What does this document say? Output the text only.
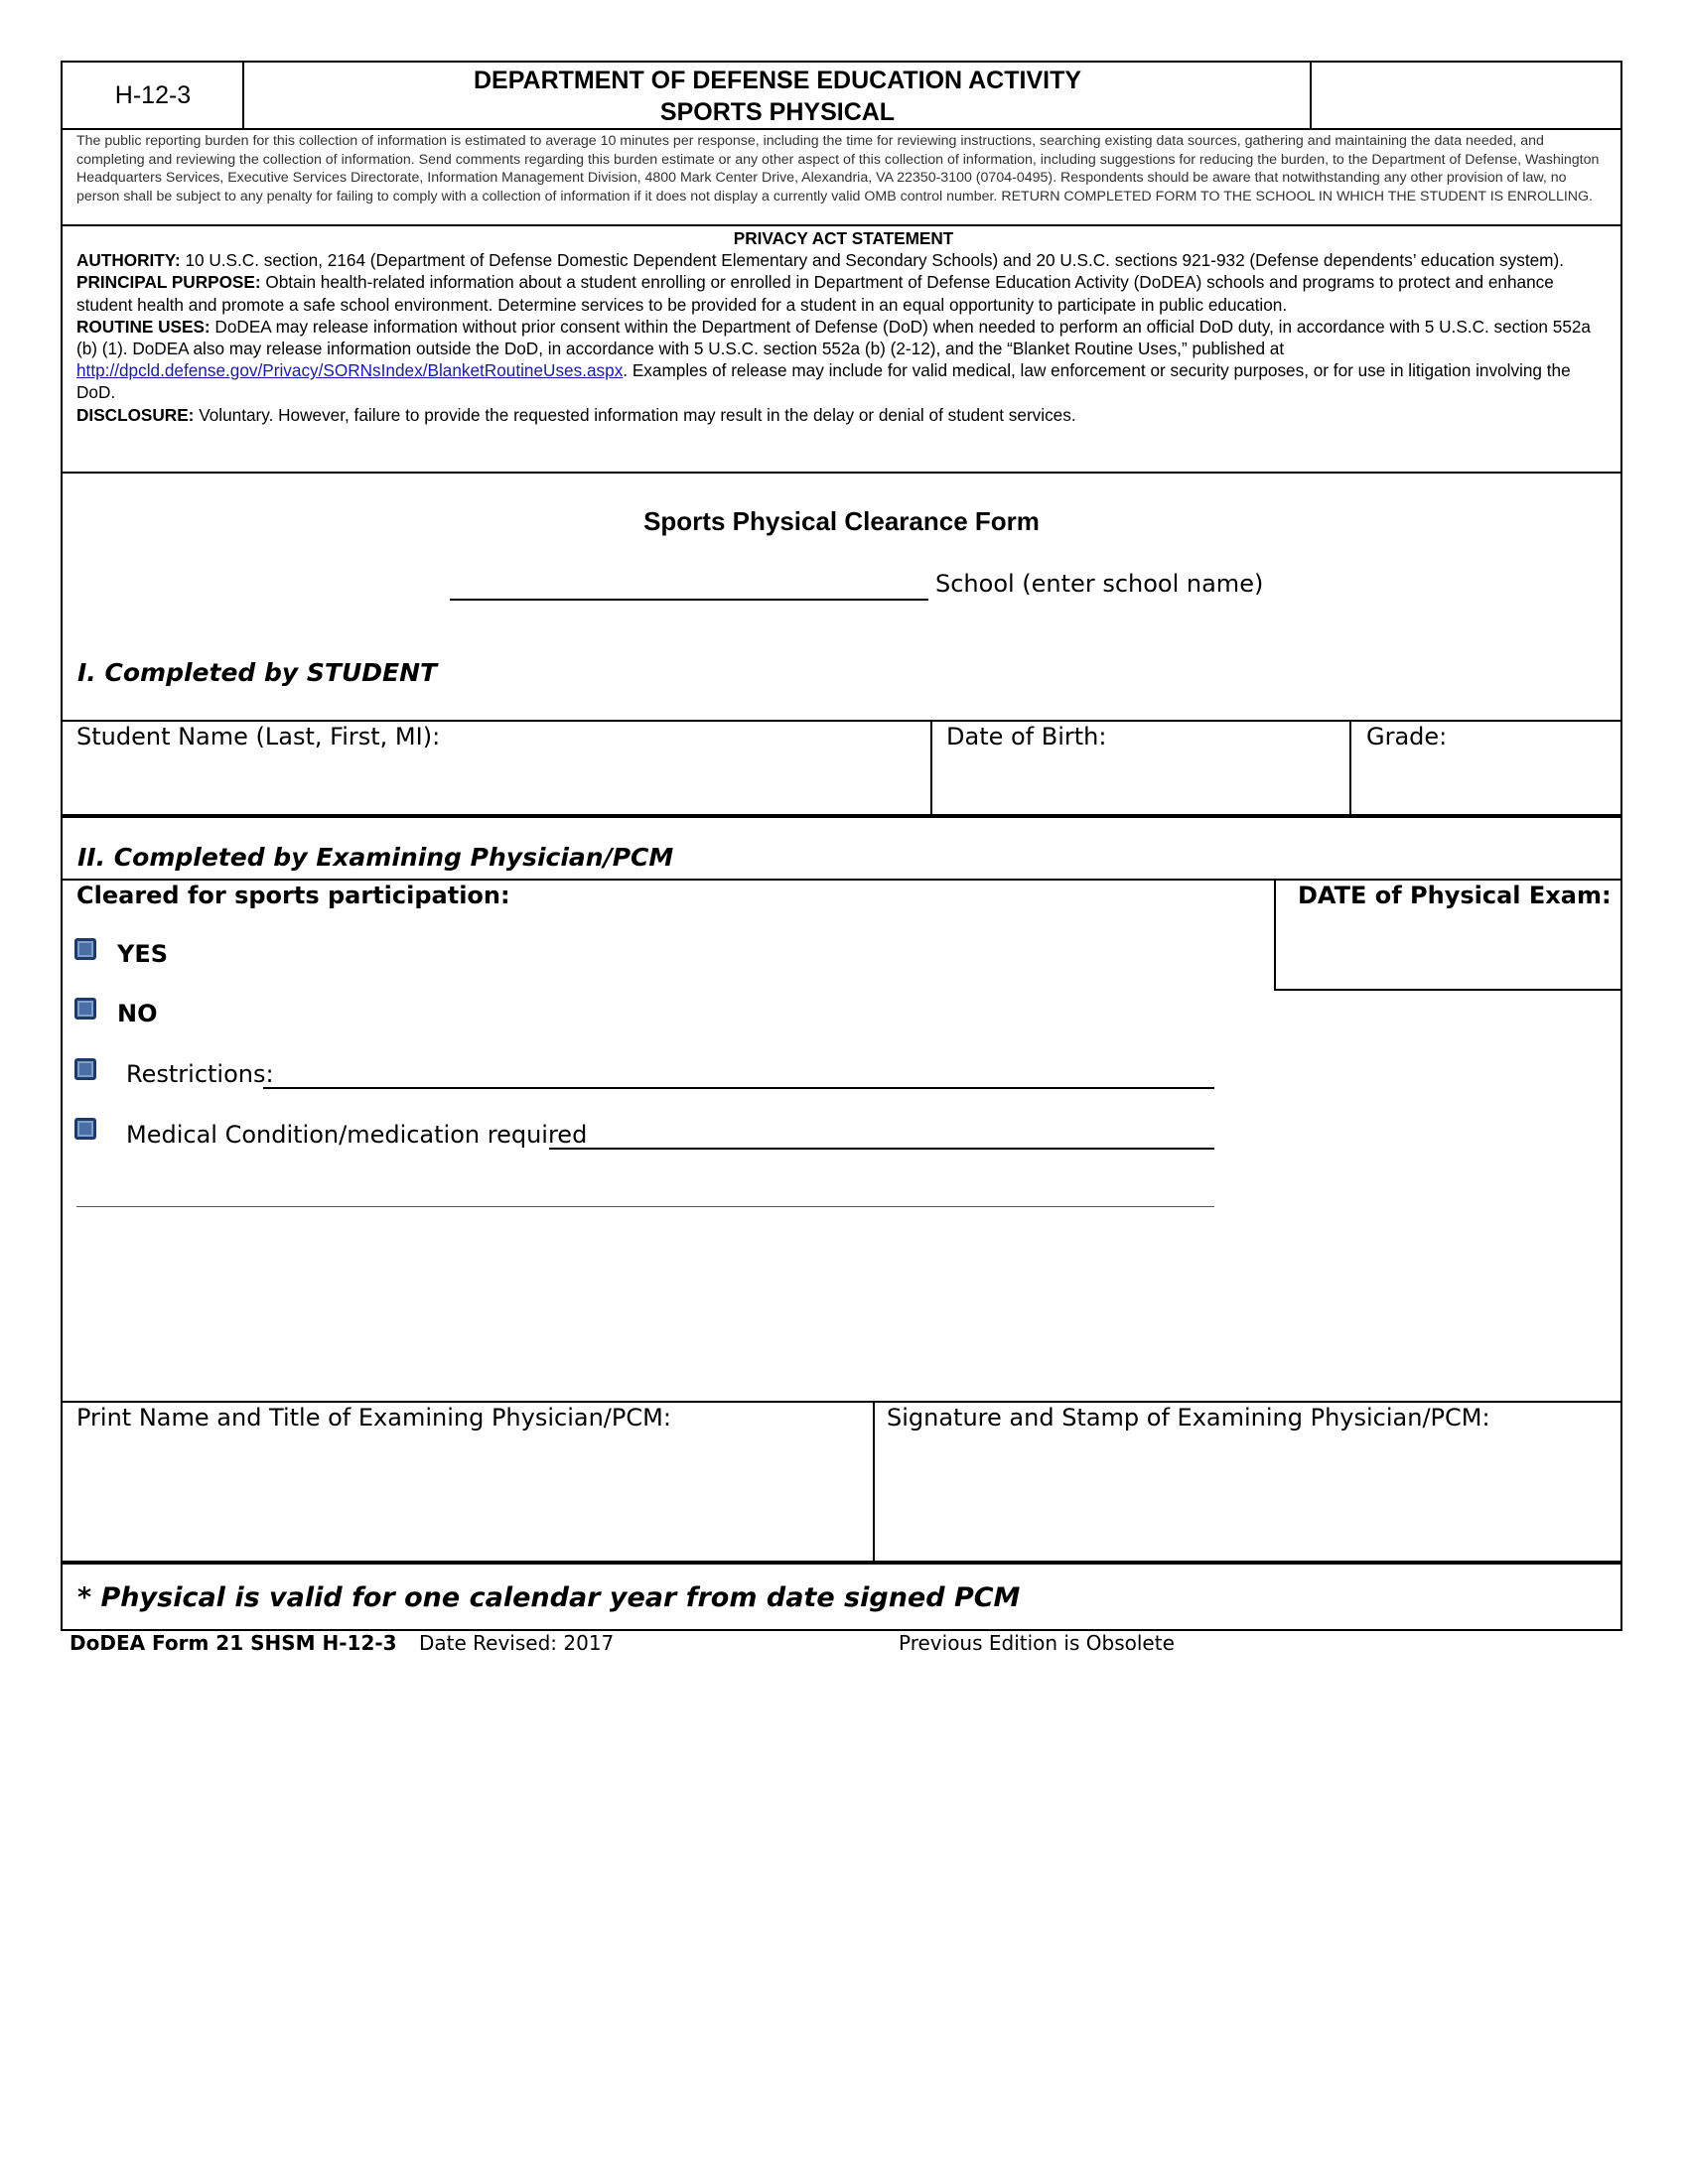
H-12-3
DEPARTMENT OF DEFENSE EDUCATION ACTIVITY
SPORTS PHYSICAL
The public reporting burden for this collection of information is estimated to average 10 minutes per response, including the time for reviewing instructions, searching existing data sources, gathering and maintaining the data needed, and completing and reviewing the collection of information. Send comments regarding this burden estimate or any other aspect of this collection of information, including suggestions for reducing the burden, to the Department of Defense, Washington Headquarters Services, Executive Services Directorate, Information Management Division, 4800 Mark Center Drive, Alexandria, VA 22350-3100 (0704-0495). Respondents should be aware that notwithstanding any other provision of law, no person shall be subject to any penalty for failing to comply with a collection of information if it does not display a currently valid OMB control number. RETURN COMPLETED FORM TO THE SCHOOL IN WHICH THE STUDENT IS ENROLLING.
PRIVACY ACT STATEMENT
AUTHORITY: 10 U.S.C. section, 2164 (Department of Defense Domestic Dependent Elementary and Secondary Schools) and 20 U.S.C. sections 921-932 (Defense dependents’ education system).
PRINCIPAL PURPOSE: Obtain health-related information about a student enrolling or enrolled in Department of Defense Education Activity (DoDEA) schools and programs to protect and enhance student health and promote a safe school environment. Determine services to be provided for a student in an equal opportunity to participate in public education.
ROUTINE USES: DoDEA may release information without prior consent within the Department of Defense (DoD) when needed to perform an official DoD duty, in accordance with 5 U.S.C. section 552a (b) (1). DoDEA also may release information outside the DoD, in accordance with 5 U.S.C. section 552a (b) (2-12), and the “Blanket Routine Uses,” published at http://dpcld.defense.gov/Privacy/SORNsIndex/BlanketRoutineUses.aspx. Examples of release may include for valid medical, law enforcement or security purposes, or for use in litigation involving the DoD.
DISCLOSURE: Voluntary. However, failure to provide the requested information may result in the delay or denial of student services.
Sports Physical Clearance Form
School (enter school name)
I. Completed by STUDENT
Student Name (Last, First, MI):	Date of Birth:	Grade:
II. Completed by Examining Physician/PCM
Cleared for sports participation:	DATE of Physical Exam:
YES
NO
Restrictions:
Medical Condition/medication required
Print Name and Title of Examining Physician/PCM:	Signature and Stamp of Examining Physician/PCM:
* Physical is valid for one calendar year from date signed PCM
DoDEA Form 21 SHSM H-12-3 Date Revised: 2017	Previous Edition is Obsolete
